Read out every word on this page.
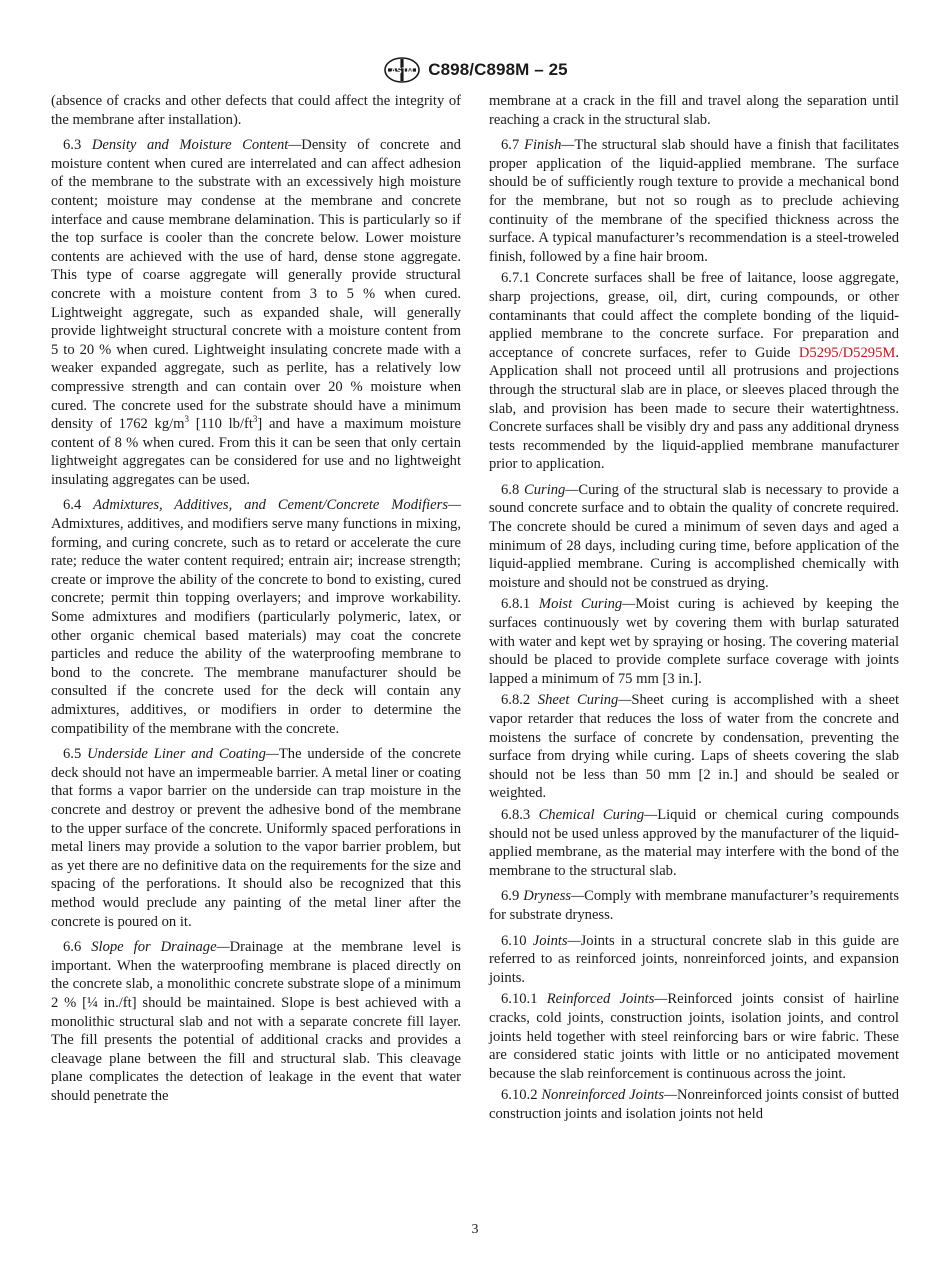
ASTM C898/C898M – 25

(absence of cracks and other defects that could affect the integrity of the membrane after installation).

6.3 Density and Moisture Content—Density of concrete and moisture content when cured are interrelated and can affect adhesion of the membrane to the substrate with an excessively high moisture content; moisture may condense at the membrane and concrete interface and cause membrane delamination. This is particularly so if the top surface is cooler than the concrete below. Lower moisture contents are achieved with the use of hard, dense stone aggregate. This type of coarse aggregate will generally provide structural concrete with a moisture content from 3 to 5 % when cured. Lightweight aggregate, such as expanded shale, will generally provide lightweight structural concrete with a moisture content from 5 to 20 % when cured. Lightweight insulating concrete made with a weaker expanded aggregate, such as perlite, has a relatively low compressive strength and can contain over 20 % moisture when cured. The concrete used for the substrate should have a minimum density of 1762 $kg/m^3$ [110 $lb/ft^3$] and have a maximum moisture content of 8 % when cured. From this it can be seen that only certain lightweight aggregates can be considered for use and no lightweight insulating aggregates can be used.

6.4 Admixtures, Additives, and Cement/Concrete Modifiers—Admixtures, additives, and modifiers serve many functions in mixing, forming, and curing concrete, such as to retard or accelerate the cure rate; reduce the water content required; entrain air; increase strength; create or improve the ability of the concrete to bond to existing, cured concrete; permit thin topping overlayers; and improve workability. Some admixtures and modifiers (particularly polymeric, latex, or other organic chemical based materials) may coat the concrete particles and reduce the ability of the waterproofing membrane to bond to the concrete. The membrane manufacturer should be consulted if the concrete used for the deck will contain any admixtures, additives, or modifiers in order to determine the compatibility of the membrane with the concrete.

6.5 Underside Liner and Coating—The underside of the concrete deck should not have an impermeable barrier. A metal liner or coating that forms a vapor barrier on the underside can trap moisture in the concrete and destroy or prevent the adhesive bond of the membrane to the upper surface of the concrete. Uniformly spaced perforations in metal liners may provide a solution to the vapor barrier problem, but as yet there are no definitive data on the requirements for the size and spacing of the perforations. It should also be recognized that this method would preclude any painting of the metal liner after the concrete is poured on it.

6.6 Slope for Drainage—Drainage at the membrane level is important. When the waterproofing membrane is placed directly on the concrete slab, a monolithic concrete substrate slope of a minimum 2 % [¼ in./ft] should be maintained. Slope is best achieved with a monolithic structural slab and not with a separate concrete fill layer. The fill presents the potential of additional cracks and provides a cleavage plane between the fill and structural slab. This cleavage plane complicates the detection of leakage in the event that water should penetrate the

membrane at a crack in the fill and travel along the separation until reaching a crack in the structural slab.

6.7 Finish—The structural slab should have a finish that facilitates proper application of the liquid-applied membrane. The surface should be of sufficiently rough texture to provide a mechanical bond for the membrane, but not so rough as to preclude achieving continuity of the membrane of the specified thickness across the surface. A typical manufacturer’s recommendation is a steel-troweled finish, followed by a fine hair broom.

6.7.1 Concrete surfaces shall be free of laitance, loose aggregate, sharp projections, grease, oil, dirt, curing compounds, or other contaminants that could affect the complete bonding of the liquid-applied membrane to the concrete surface. For preparation and acceptance of concrete surfaces, refer to Guide D5295/D5295M. Application shall not proceed until all protrusions and projections through the structural slab are in place, or sleeves placed through the slab, and provision has been made to secure their watertightness. Concrete surfaces shall be visibly dry and pass any additional dryness tests recommended by the liquid-applied membrane manufacturer prior to application.

6.8 Curing—Curing of the structural slab is necessary to provide a sound concrete surface and to obtain the quality of concrete required. The concrete should be cured a minimum of seven days and aged a minimum of 28 days, including curing time, before application of the liquid-applied membrane. Curing is accomplished chemically with moisture and should not be construed as drying.

6.8.1 Moist Curing—Moist curing is achieved by keeping the surfaces continuously wet by covering them with burlap saturated with water and kept wet by spraying or hosing. The covering material should be placed to provide complete surface coverage with joints lapped a minimum of 75 mm [3 in.].

6.8.2 Sheet Curing—Sheet curing is accomplished with a sheet vapor retarder that reduces the loss of water from the concrete and moistens the surface of concrete by condensation, preventing the surface from drying while curing. Laps of sheets covering the slab should not be less than 50 mm [2 in.] and should be sealed or weighted.

6.8.3 Chemical Curing—Liquid or chemical curing compounds should not be used unless approved by the manufacturer of the liquid-applied membrane, as the material may interfere with the bond of the membrane to the structural slab.

6.9 Dryness—Comply with membrane manufacturer’s requirements for substrate dryness.

6.10 Joints—Joints in a structural concrete slab in this guide are referred to as reinforced joints, nonreinforced joints, and expansion joints.

6.10.1 Reinforced Joints—Reinforced joints consist of hairline cracks, cold joints, construction joints, isolation joints, and control joints held together with steel reinforcing bars or wire fabric. These are considered static joints with little or no anticipated movement because the slab reinforcement is continuous across the joint.

6.10.2 Nonreinforced Joints—Nonreinforced joints consist of butted construction joints and isolation joints not held

3
